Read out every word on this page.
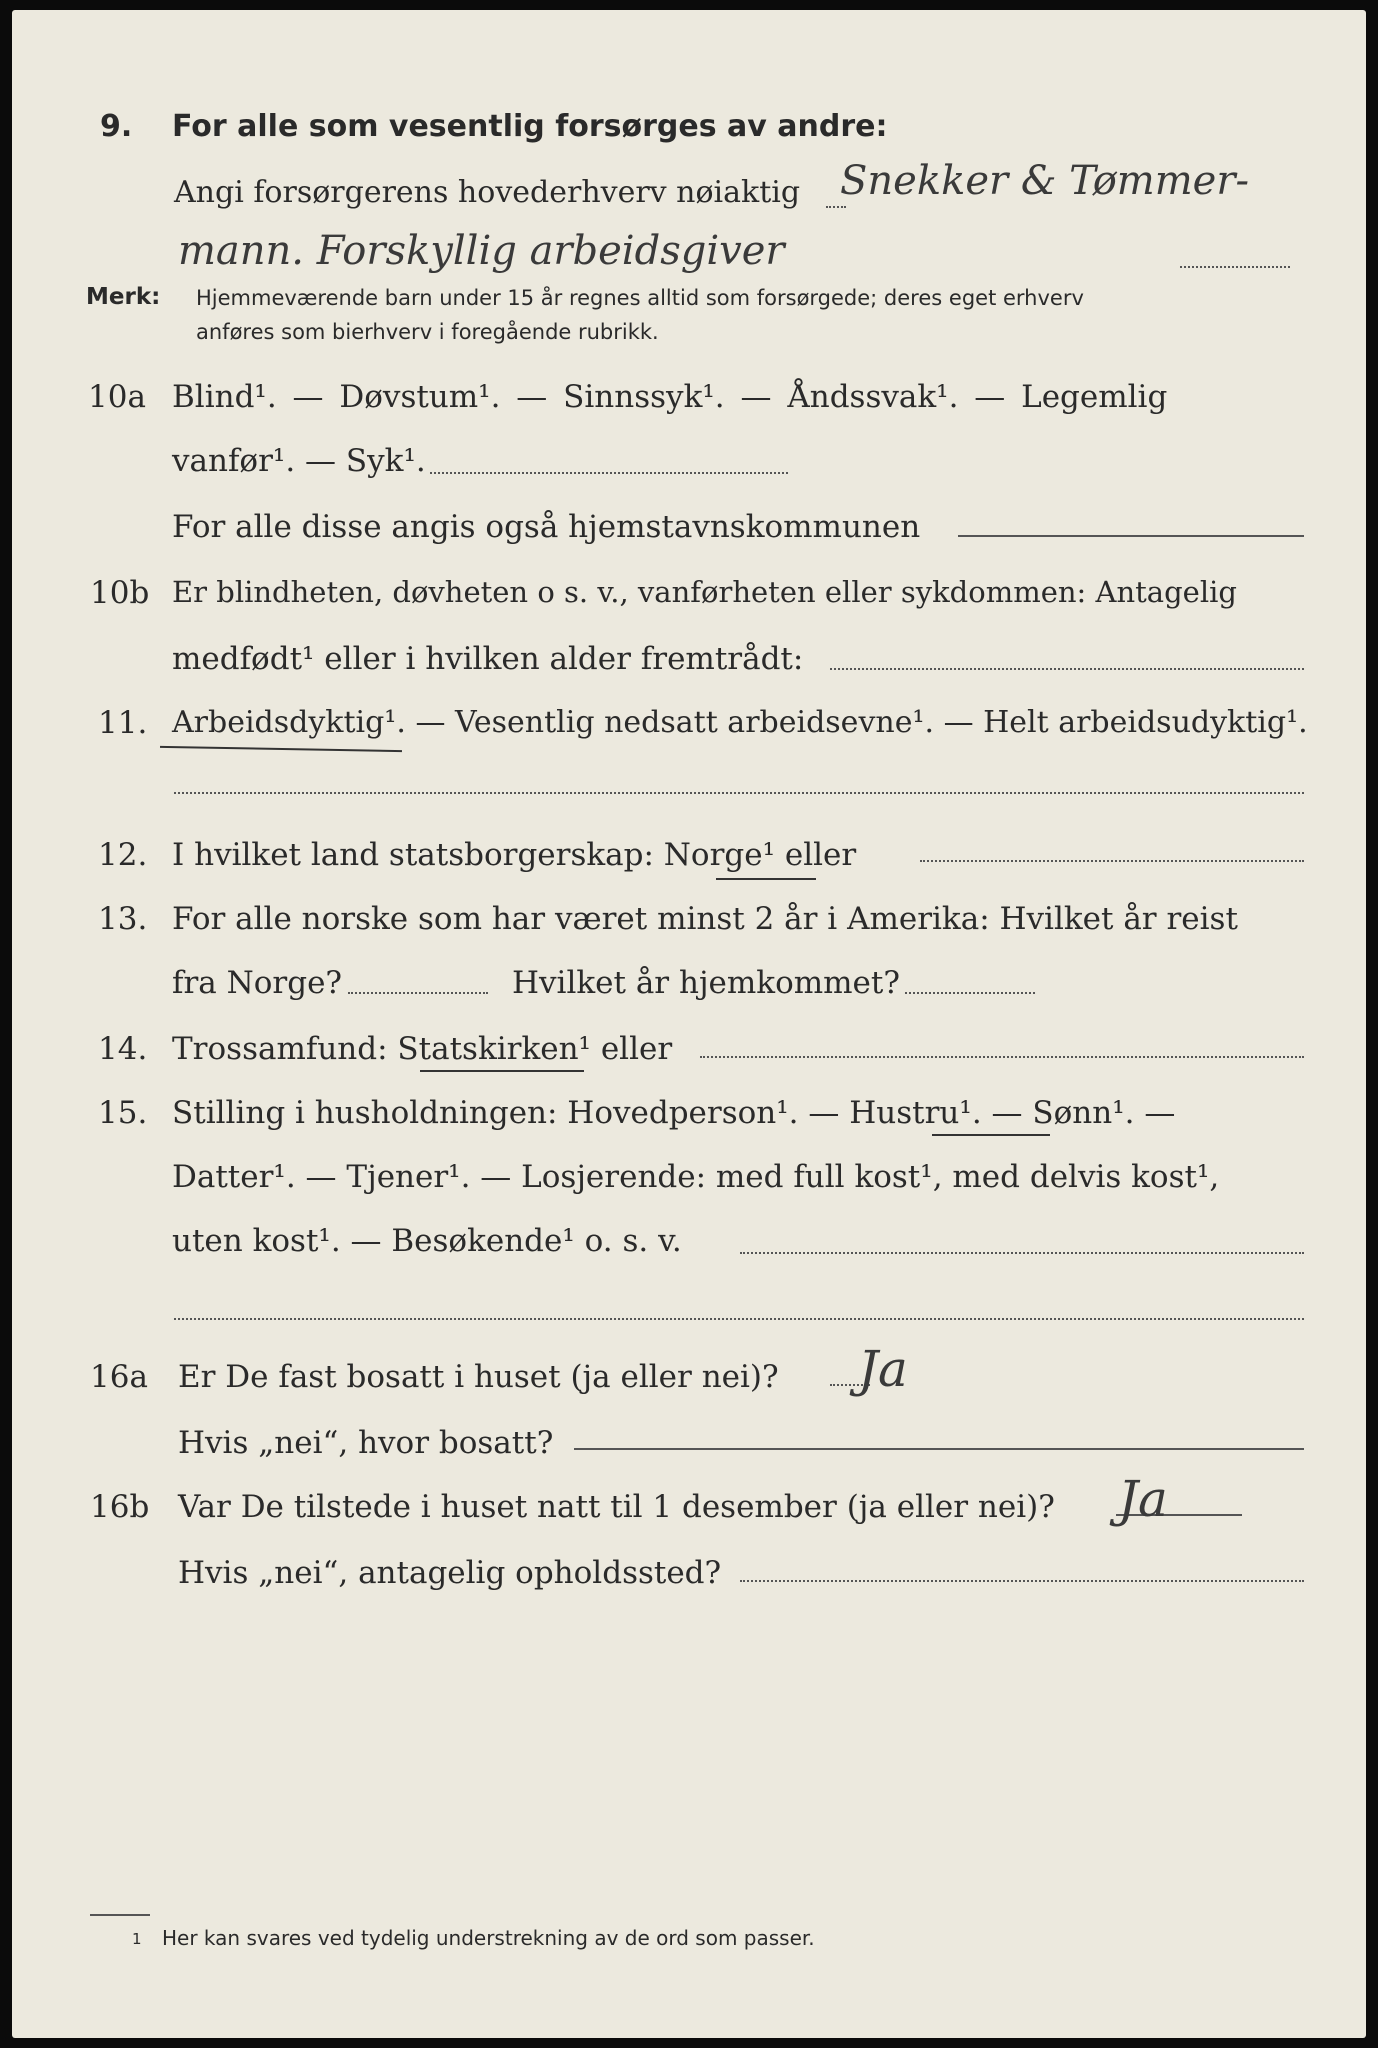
9. For alle som vesentlig forsørges av andre:
Angi forsørgerens hovederhverv nøiaktig Snekker & Tømmer-
mann. Forskyllig arbeidsgiver
Merk: Hjemmeværende barn under 15 år regnes alltid som forsørgede; deres eget erhverv
anføres som bierhverv i foregående rubrikk.
10a Blind¹. — Døvstum¹. — Sinnssyk¹. — Åndssvak¹. — Legemlig
vanfør¹. — Syk¹.
For alle disse angis også hjemstavnskommunen
10b Er blindheten, døvheten o s. v., vanførheten eller sykdommen: Antagelig
medfødt¹ eller i hvilken alder fremtrådt:
11. Arbeidsdyktig¹. — Vesentlig nedsatt arbeidsevne¹. — Helt arbeidsudyktig¹.
12. I hvilket land statsborgerskap: Norge¹ eller
13. For alle norske som har været minst 2 år i Amerika: Hvilket år reist
fra Norge?	Hvilket år hjemkommet?
14. Trossamfund: Statskirken¹ eller
15. Stilling i husholdningen: Hovedperson¹. — Hustru¹. — Sønn¹. —
Datter¹. — Tjener¹. — Losjerende: med full kost¹, med delvis kost¹,
uten kost¹. — Besøkende¹ o. s. v.
16a Er De fast bosatt i huset (ja eller nei)? Ja
Hvis „nei“, hvor bosatt?
16b Var De tilstede i huset natt til 1 desember (ja eller nei)? Ja
Hvis „nei“, antagelig opholdssted?
1 Her kan svares ved tydelig understrekning av de ord som passer.
